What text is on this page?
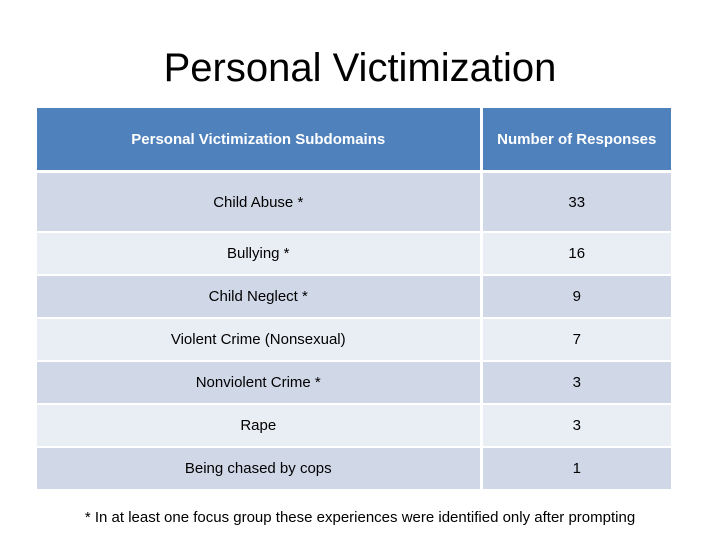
Personal Victimization
Personal Victimization Subdomains	Number of Responses
Child Abuse *	33
Bullying *	16
Child Neglect *	9
Violent Crime (Nonsexual)	7
Nonviolent Crime *	3
Rape	3
Being chased by cops	1
* In at least one focus group these experiences were identified only after prompting
